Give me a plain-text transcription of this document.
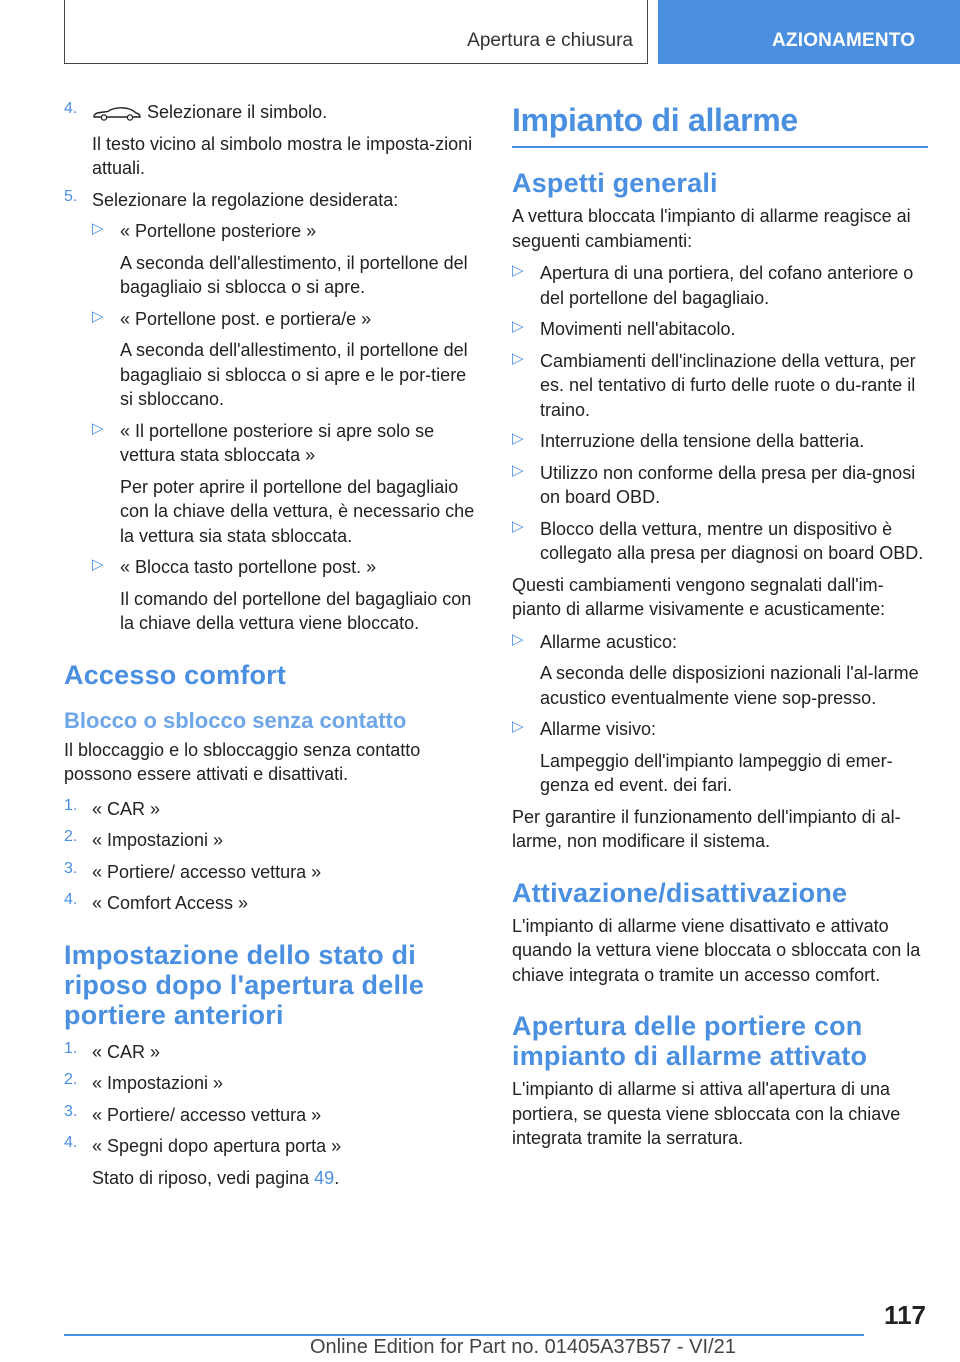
Apertura e chiusura	AZIONAMENTO
4.	Selezionare il simbolo.

Il testo vicino al simbolo mostra le imposta-zioni attuali.

5. Selezionare la regolazione desiderata:

▷ « Portellone posteriore »

A seconda dell'allestimento, il portellone del bagagliaio si sblocca o si apre.

▷ « Portellone post. e portiera/e »

A seconda dell'allestimento, il portellone del bagagliaio si sblocca o si apre e le por-tiere si sbloccano.

▷ « Il portellone posteriore si apre solo se vettura stata sbloccata »

Per poter aprire il portellone del bagagliaio con la chiave della vettura, è necessario che la vettura sia stata sbloccata.

▷ « Blocca tasto portellone post. »

Il comando del portellone del bagagliaio con la chiave della vettura viene bloccato.

Accesso comfort
Blocco o sblocco senza contatto

Il bloccaggio e lo sbloccaggio senza contatto possono essere attivati e disattivati.

1. « CAR »

2. « Impostazioni »

3. « Portiere/ accesso vettura »

4. « Comfort Access »

Impostazione dello stato di riposo dopo l'apertura delle portiere anteriori
1. « CAR »

2. « Impostazioni »

3. « Portiere/ accesso vettura »

4. « Spegni dopo apertura porta »

Stato di riposo, vedi pagina 49.

Impianto di allarme
Aspetti generali

A vettura bloccata l'impianto di allarme reagisce ai seguenti cambiamenti:

▷ Apertura di una portiera, del cofano anteriore o del portellone del bagagliaio.

▷ Movimenti nell'abitacolo.

▷ Cambiamenti dell'inclinazione della vettura, per es. nel tentativo di furto delle ruote o du-rante il traino.

▷ Interruzione della tensione della batteria.

▷ Utilizzo non conforme della presa per dia-gnosi on board OBD.

▷ Blocco della vettura, mentre un dispositivo è collegato alla presa per diagnosi on board OBD.

Questi cambiamenti vengono segnalati dall'im-pianto di allarme visivamente e acusticamente:

▷ Allarme acustico:

A seconda delle disposizioni nazionali l'al-larme acustico eventualmente viene sop-presso.

▷ Allarme visivo:

Lampeggio dell'impianto lampeggio di emer-genza ed event. dei fari.

Per garantire il funzionamento dell'impianto di al-larme, non modificare il sistema.

Attivazione/disattivazione

L'impianto di allarme viene disattivato e attivato quando la vettura viene bloccata o sbloccata con la chiave integrata o tramite un accesso comfort.

Apertura delle portiere con impianto di allarme attivato

L'impianto di allarme si attiva all'apertura di una portiera, se questa viene sbloccata con la chiave integrata tramite la serratura.

117
Online Edition for Part no. 01405A37B57 - VI/21
